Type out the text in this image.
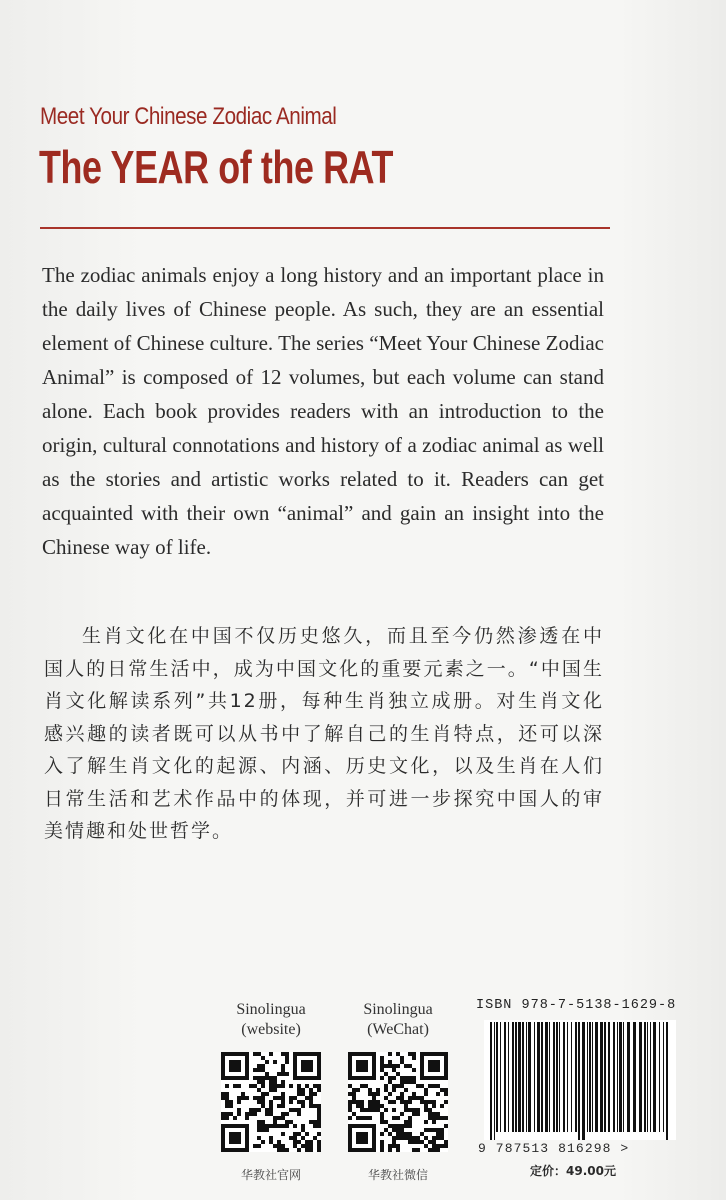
Meet Your Chinese Zodiac Animal
The YEAR of the RAT

The zodiac animals enjoy a long history and an important place in the daily lives of Chinese people. As such, they are an essential element of Chinese culture. The series “Meet Your Chinese Zodiac Animal” is composed of 12 volumes, but each volume can stand alone. Each book provides readers with an introduction to the origin, cultural connotations and history of a zodiac animal as well as the stories and artistic works related to it. Readers can get acquainted with their own “animal” and gain an insight into the Chinese way of life.

生肖文化在中国不仅历史悠久，而且至今仍然渗透在中国人的日常生活中，成为中国文化的重要元素之一。“中国生肖文化解读系列”共12册，每种生肖独立成册。对生肖文化感兴趣的读者既可以从书中了解自己的生肖特点，还可以深入了解生肖文化的起源、内涵、历史文化，以及生肖在人们日常生活和艺术作品中的体现，并可进一步探究中国人的审美情趣和处世哲学。

Sinolingua
(website)
华教社官网
Sinolingua
(WeChat)
华教社微信
ISBN 978-7-5138-1629-8
9 787513 816298 >
定价：49.00元
